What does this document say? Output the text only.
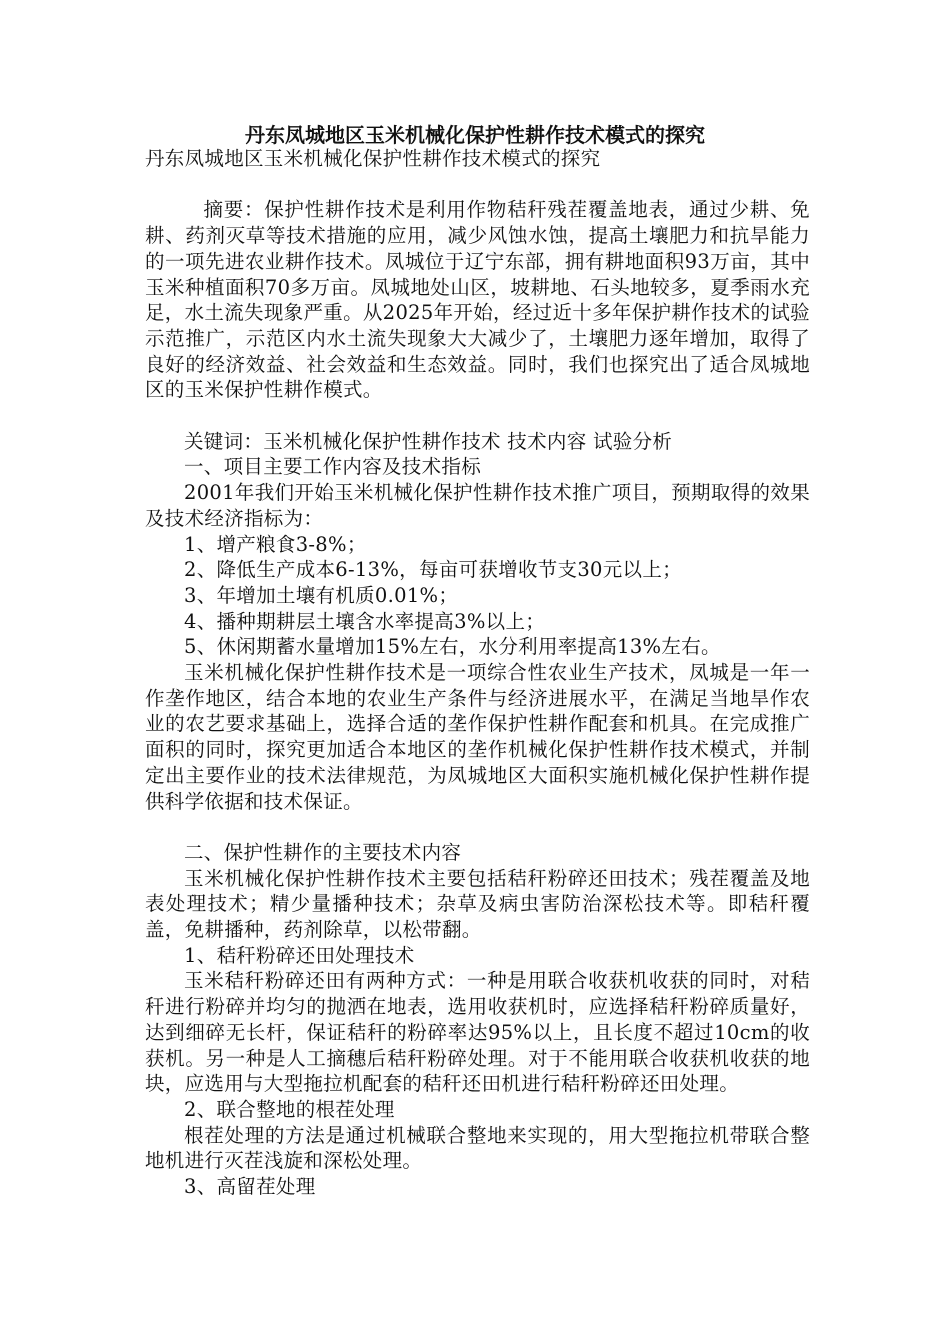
丹东凤城地区玉米机械化保护性耕作技术模式的探究

丹东凤城地区玉米机械化保护性耕作技术模式的探究

摘要：保护性耕作技术是利用作物秸秆残茬覆盖地表，通过少耕、免耕、药剂灭草等技术措施的应用，减少风蚀水蚀，提高土壤肥力和抗旱能力的一项先进农业耕作技术。凤城位于辽宁东部，拥有耕地面积93万亩，其中玉米种植面积70多万亩。凤城地处山区，坡耕地、石头地较多，夏季雨水充足，水土流失现象严重。从2025年开始，经过近十多年保护耕作技术的试验示范推广，示范区内水土流失现象大大减少了，土壤肥力逐年增加，取得了良好的经济效益、社会效益和生态效益。同时，我们也探究出了适合凤城地区的玉米保护性耕作模式。

关键词：玉米机械化保护性耕作技术 技术内容 试验分析

一、项目主要工作内容及技术指标

2001年我们开始玉米机械化保护性耕作技术推广项目，预期取得的效果及技术经济指标为：

1、增产粮食3-8%；

2、降低生产成本6-13%，每亩可获增收节支30元以上；

3、年增加土壤有机质0.01%；

4、播种期耕层土壤含水率提高3%以上；

5、休闲期蓄水量增加15%左右，水分利用率提高13%左右。

玉米机械化保护性耕作技术是一项综合性农业生产技术，凤城是一年一作垄作地区，结合本地的农业生产条件与经济进展水平，在满足当地旱作农业的农艺要求基础上，选择合适的垄作保护性耕作配套和机具。在完成推广面积的同时，探究更加适合本地区的垄作机械化保护性耕作技术模式，并制定出主要作业的技术法律规范，为凤城地区大面积实施机械化保护性耕作提供科学依据和技术保证。

二、保护性耕作的主要技术内容

玉米机械化保护性耕作技术主要包括秸秆粉碎还田技术；残茬覆盖及地表处理技术；精少量播种技术；杂草及病虫害防治深松技术等。即秸秆覆盖，免耕播种，药剂除草，以松带翻。

1、秸秆粉碎还田处理技术

玉米秸秆粉碎还田有两种方式：一种是用联合收获机收获的同时，对秸秆进行粉碎并均匀的抛洒在地表，选用收获机时，应选择秸秆粉碎质量好，达到细碎无长杆，保证秸秆的粉碎率达95%以上，且长度不超过10cm的收获机。另一种是人工摘穗后秸秆粉碎处理。对于不能用联合收获机收获的地块，应选用与大型拖拉机配套的秸秆还田机进行秸秆粉碎还田处理。

2、联合整地的根茬处理

根茬处理的方法是通过机械联合整地来实现的，用大型拖拉机带联合整地机进行灭茬浅旋和深松处理。

3、高留茬处理
